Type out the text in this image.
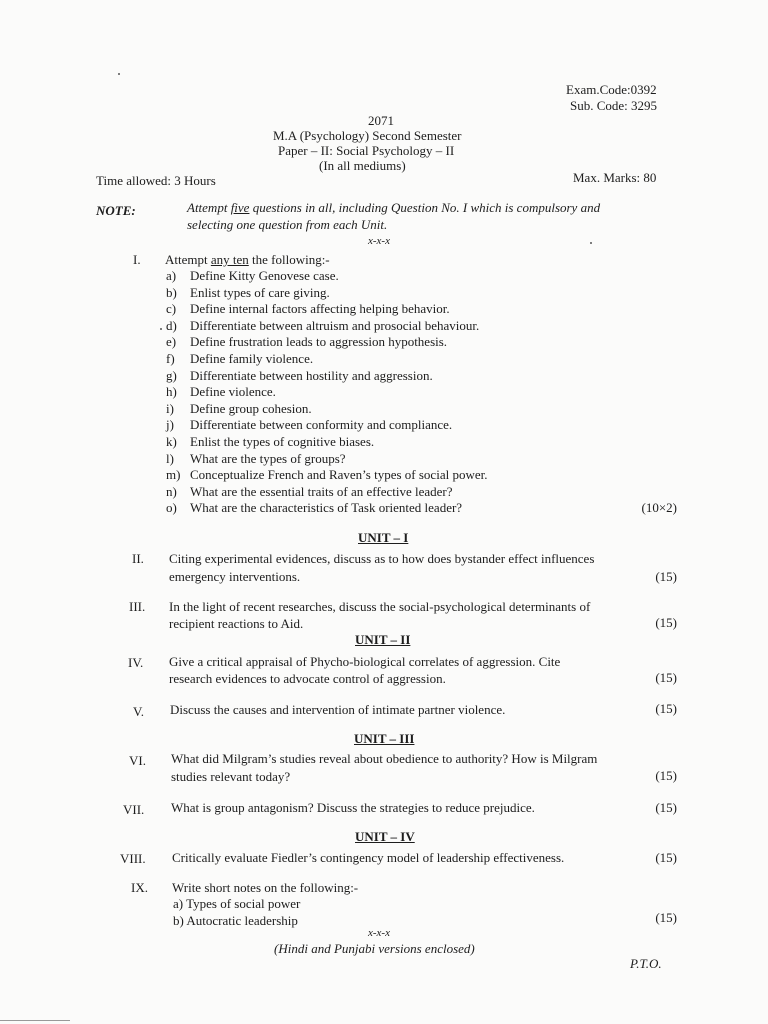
Exam.Code:0392
Sub. Code: 3295
2071
M.A (Psychology) Second Semester
Paper – II: Social Psychology – II
(In all mediums)
Time allowed: 3 Hours	Max. Marks: 80
NOTE:	Attempt five questions in all, including Question No. I which is compulsory and
selecting one question from each Unit.
x-x-x
I. Attempt any ten the following:-
a) Define Kitty Genovese case.
b) Enlist types of care giving.
c) Define internal factors affecting helping behavior.
d) Differentiate between altruism and prosocial behaviour.
e) Define frustration leads to aggression hypothesis.
f) Define family violence.
g) Differentiate between hostility and aggression.
h) Define violence.
i) Define group cohesion.
j) Differentiate between conformity and compliance.
k) Enlist the types of cognitive biases.
l) What are the types of groups?
m) Conceptualize French and Raven’s types of social power.
n) What are the essential traits of an effective leader?
o) What are the characteristics of Task oriented leader?	(10×2)
UNIT – I
II. Citing experimental evidences, discuss as to how does bystander effect influences
emergency interventions.	(15)
III. In the light of recent researches, discuss the social-psychological determinants of
recipient reactions to Aid.	(15)
UNIT – II
IV. Give a critical appraisal of Phycho-biological correlates of aggression. Cite
research evidences to advocate control of aggression.	(15)
V. Discuss the causes and intervention of intimate partner violence.	(15)
UNIT – III
VI. What did Milgram’s studies reveal about obedience to authority? How is Milgram
studies relevant today?	(15)
VII. What is group antagonism? Discuss the strategies to reduce prejudice.	(15)
UNIT – IV
VIII. Critically evaluate Fiedler’s contingency model of leadership effectiveness.	(15)
IX. Write short notes on the following:-
a) Types of social power
b) Autocratic leadership	(15)
x-x-x
(Hindi and Punjabi versions enclosed)
P.T.O.
